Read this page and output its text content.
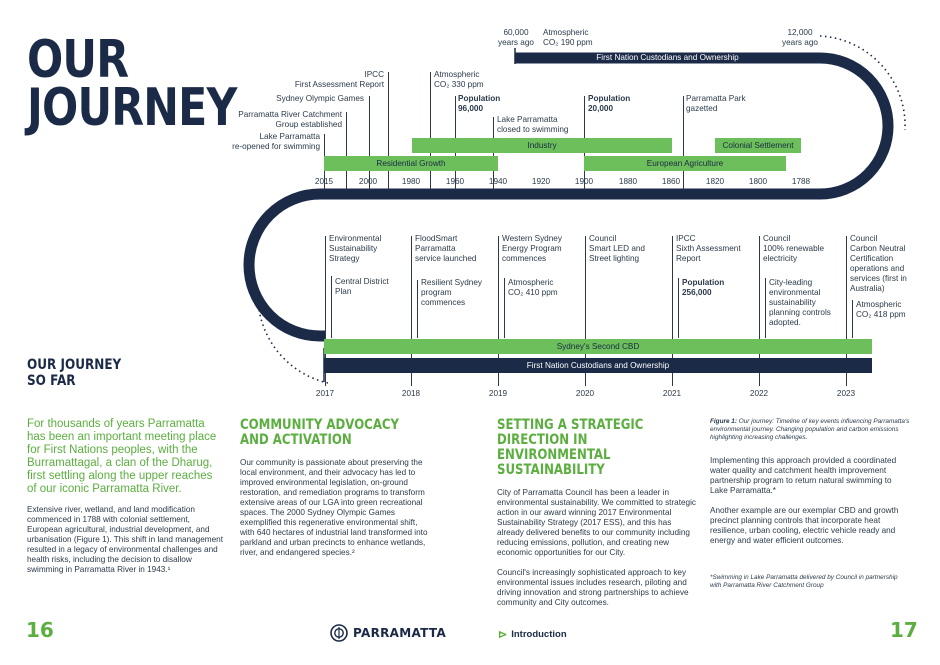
OUR
JOURNEY
60,000
years ago
Atmospheric
CO₂ 190 ppm
12,000
years ago
First Nation Custodians and Ownership
IPCC
First Assessment Report
Sydney Olympic Games
Parramatta River Catchment
Group established
Lake Parramatta
re-opened for swimming
Atmospheric
CO₂ 330 ppm
Population
96,000
Lake Parramatta
closed to swimming
Population
20,000
Parramatta Park
gazetted
Industry	Colonial Settlement
Residential Growth	European Agriculture
2015	2000	1980	1960	1940	1920	1900	1880	1860	1820	1800	1788
Environmental
Sustainability
Strategy
Central District
Plan
FloodSmart
Parramatta
service launched
Resilient Sydney
program
commences
Western Sydney
Energy Program
commences
Atmospheric
CO₂ 410 ppm
Council
Smart LED and
Street lighting
IPCC
Sixth Assessment
Report
Population
256,000
Council
100% renewable
electricity
City-leading
environmental
sustainability
planning controls
adopted.
Council
Carbon Neutral
Certification
operations and
services (first in
Australia)
Atmospheric
CO₂ 418 ppm
Sydney's Second CBD
First Nation Custodians and Ownership
2017	2018	2019	2020	2021	2022	2023
OUR JOURNEY
SO FAR
For thousands of years Parramatta has been an important meeting place for First Nations peoples, with the Burramattagal, a clan of the Dharug, first settling along the upper reaches of our iconic Parramatta River.
Extensive river, wetland, and land modification commenced in 1788 with colonial settlement, European agricultural, industrial development, and urbanisation (Figure 1). This shift in land management resulted in a legacy of environmental challenges and health risks, including the decision to disallow swimming in Parramatta River in 1943.¹
COMMUNITY ADVOCACY AND ACTIVATION
Our community is passionate about preserving the local environment, and their advocacy has led to improved environmental legislation, on-ground restoration, and remediation programs to transform extensive areas of our LGA into green recreational spaces. The 2000 Sydney Olympic Games exemplified this regenerative environmental shift, with 640 hectares of industrial land transformed into parkland and urban precincts to enhance wetlands, river, and endangered species.²
SETTING A STRATEGIC DIRECTION IN ENVIRONMENTAL SUSTAINABILITY
City of Parramatta Council has been a leader in environmental sustainability. We committed to strategic action in our award winning 2017 Environmental Sustainability Strategy (2017 ESS), and this has already delivered benefits to our community including reducing emissions, pollution, and creating new economic opportunities for our City.
Council's increasingly sophisticated approach to key environmental issues includes research, piloting and driving innovation and strong partnerships to achieve community and City outcomes.
Figure 1: Our journey: Timeline of key events influencing Parramatta's environmental journey. Changing population and carbon emissions highlighting increasing challenges.
Implementing this approach provided a coordinated water quality and catchment health improvement partnership program to return natural swimming to Lake Parramatta.*
Another example are our exemplar CBD and growth precinct planning controls that incorporate heat resilience, urban cooling, electric vehicle ready and energy and water efficient outcomes.
*Swimming in Lake Parramatta delivered by Council in partnership with Parramatta River Catchment Group
16	PARRAMATTA	⊳ Introduction	17
